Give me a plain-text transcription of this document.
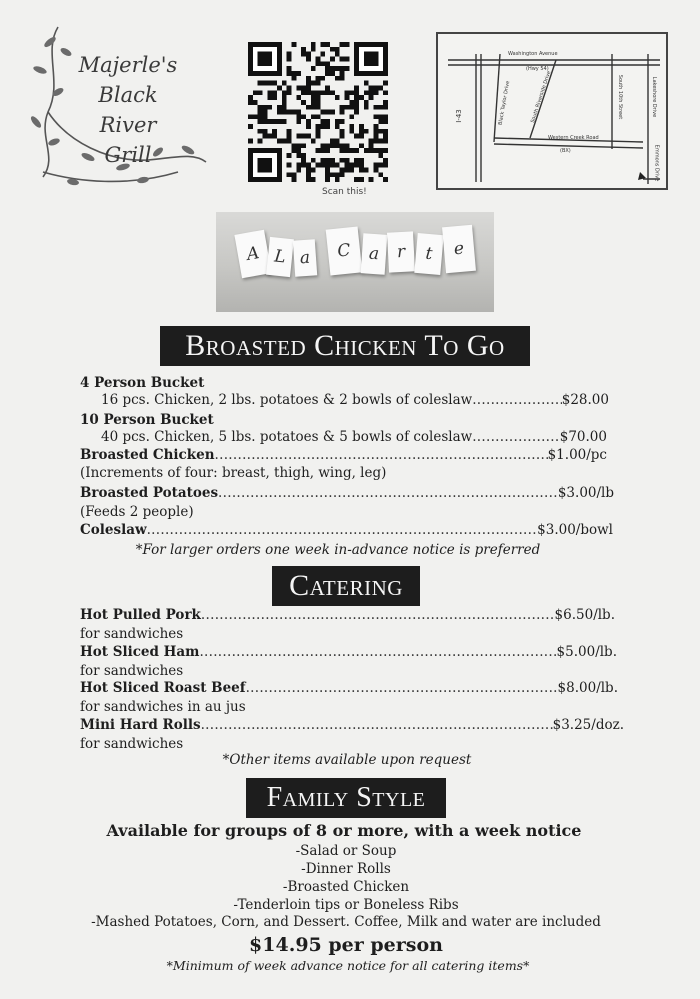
Majerle's
Black River
Grill
Scan this!
Washington Avenue
(Hwy 54)
Black Taylor Drive	South Riverside Drive
Western Creek Road
(BX)
South 10th Street	Lakeshore Drive
Emmons Drive
I-43
A L a	C a r	t	e
Broasted Chicken To Go
4 Person Bucket
16 pcs. Chicken, 2 lbs. potatoes & 2 bowls of coleslaw .....	$28.00
10 Person Bucket
40 pcs. Chicken, 5 lbs. potatoes & 5 bowls of coleslaw .....	$70.00
Broasted Chicken .....	$1.00/pc
(Increments of four: breast, thigh, wing, leg)
Broasted Potatoes .....	$3.00/lb
(Feeds 2 people)
Coleslaw .....	$3.00/bowl
*For larger orders one week in-advance notice is preferred
Catering
Hot Pulled Pork .....	$6.50/lb.
for sandwiches
Hot Sliced Ham .....	$5.00/lb.
for sandwiches
Hot Sliced Roast Beef .....	$8.00/lb.
for sandwiches in au jus
Mini Hard Rolls .....	$3.25/doz.
for sandwiches
*Other items available upon request
Family Style
Available for groups of 8 or more, with a week notice
-Salad or Soup
-Dinner Rolls
-Broasted Chicken
-Tenderloin tips or Boneless Ribs
-Mashed Potatoes, Corn, and Dessert. Coffee, Milk and water are included
$14.95 per person
*Minimum of week advance notice for all catering items*
